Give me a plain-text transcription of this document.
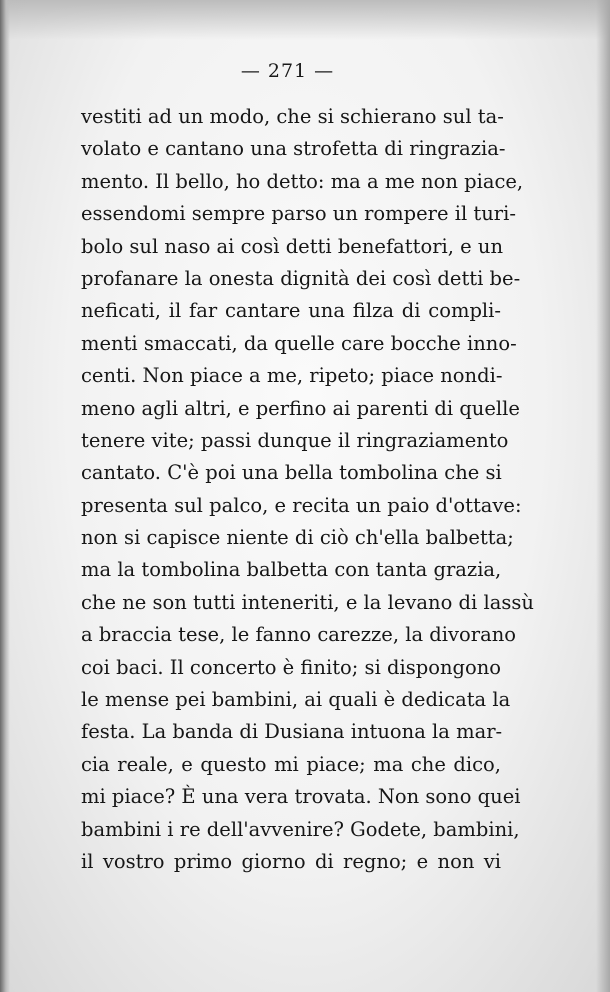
— 271 —
vestiti ad un modo, che si schierano sul ta-
volato e cantano una strofetta di ringrazia-
mento. Il bello, ho detto: ma a me non piace,
essendomi sempre parso un rompere il turi-
bolo sul naso ai così detti benefattori, e un
profanare la onesta dignità dei così detti be-
neficati, il far cantare una filza di compli-
menti smaccati, da quelle care bocche inno-
centi. Non piace a me, ripeto; piace nondi-
meno agli altri, e perfino ai parenti di quelle
tenere vite; passi dunque il ringraziamento
cantato. C'è poi una bella tombolina che si
presenta sul palco, e recita un paio d'ottave:
non si capisce niente di ciò ch'ella balbetta;
ma la tombolina balbetta con tanta grazia,
che ne son tutti inteneriti, e la levano di lassù
a braccia tese, le fanno carezze, la divorano
coi baci. Il concerto è finito; si dispongono
le mense pei bambini, ai quali è dedicata la
festa. La banda di Dusiana intuona la mar-
cia reale, e questo mi piace; ma che dico,
mi piace? È una vera trovata. Non sono quei
bambini i re dell'avvenire? Godete, bambini,
il vostro primo giorno di regno; e non vi
